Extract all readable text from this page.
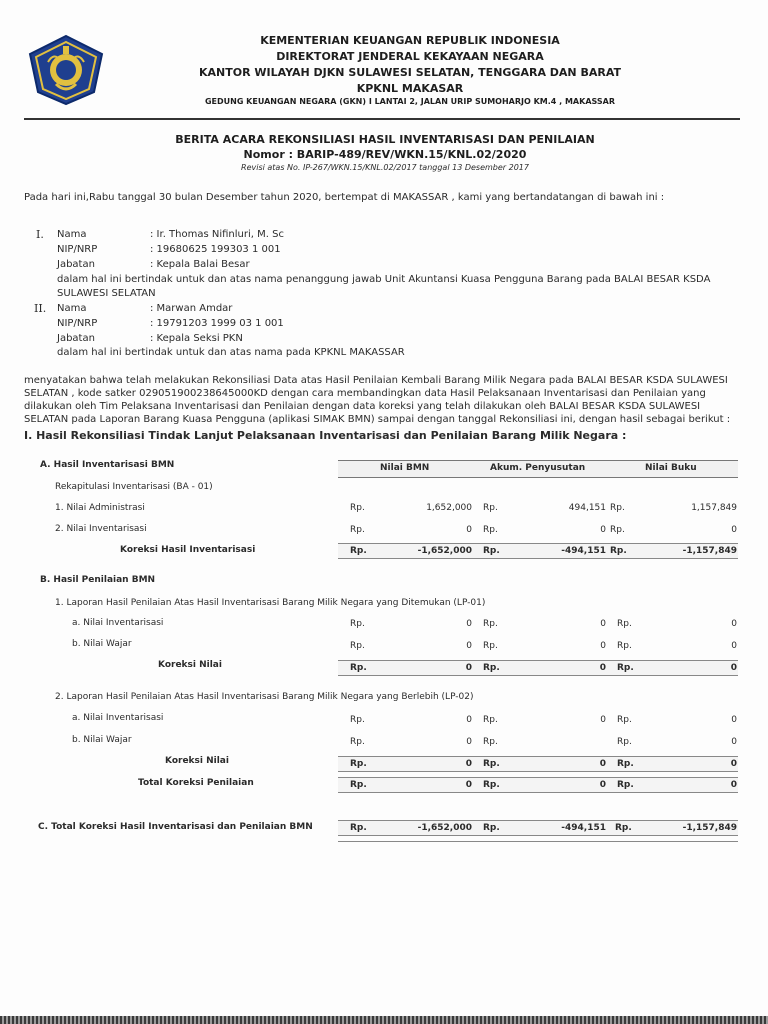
KEMENTERIAN KEUANGAN REPUBLIK INDONESIA
DIREKTORAT JENDERAL KEKAYAAN NEGARA
KANTOR WILAYAH DJKN SULAWESI SELATAN, TENGGARA DAN BARAT
KPKNL MAKASAR
GEDUNG KEUANGAN NEGARA (GKN) I LANTAI 2, JALAN URIP SUMOHARJO KM.4 , MAKASSAR
BERITA ACARA REKONSILIASI HASIL INVENTARISASI DAN PENILAIAN
Nomor : BARIP-489/REV/WKN.15/KNL.02/2020
Revisi atas No. IP-267/WKN.15/KNL.02/2017 tanggal 13 Desember 2017
Pada hari ini,Rabu tanggal 30 bulan Desember tahun 2020, bertempat di MAKASSAR , kami yang bertandatangan di bawah ini :
I. Nama	: Ir. Thomas Nifinluri, M. Sc
NIP/NRP	: 19680625 199303 1 001
Jabatan	: Kepala Balai Besar
dalam hal ini bertindak untuk dan atas nama penanggung jawab Unit Akuntansi Kuasa Pengguna Barang pada BALAI BESAR KSDA
SULAWESI SELATAN
II. Nama	: Marwan Amdar
NIP/NRP	: 19791203 1999 03 1 001
Jabatan	: Kepala Seksi PKN
dalam hal ini bertindak untuk dan atas nama pada KPKNL MAKASSAR
menyatakan bahwa telah melakukan Rekonsiliasi Data atas Hasil Penilaian Kembali Barang Milik Negara pada BALAI BESAR KSDA SULAWESI
SELATAN , kode satker 029051900238645000KD dengan cara membandingkan data Hasil Pelaksanaan Inventarisasi dan Penilaian yang
dilakukan oleh Tim Pelaksana Inventarisasi dan Penilaian dengan data koreksi yang telah dilakukan oleh BALAI BESAR KSDA SULAWESI
SELATAN pada Laporan Barang Kuasa Pengguna (aplikasi SIMAK BMN) sampai dengan tanggal Rekonsiliasi ini, dengan hasil sebagai berikut :
I. Hasil Rekonsiliasi Tindak Lanjut Pelaksanaan Inventarisasi dan Penilaian Barang Milik Negara :
Nilai BMN	Akum. Penyusutan	Nilai Buku
A. Hasil Inventarisasi BMN
Rekapitulasi Inventarisasi (BA - 01)
1. Nilai Administrasi	Rp.	1,652,000 Rp.	494,151 Rp.	1,157,849
2. Nilai Inventarisasi	Rp.	0 Rp.	0 Rp.	0
Koreksi Hasil Inventarisasi	Rp.	-1,652,000 Rp.	-494,151 Rp.	-1,157,849
B. Hasil Penilaian BMN
1. Laporan Hasil Penilaian Atas Hasil Inventarisasi Barang Milik Negara yang Ditemukan (LP-01)
a. Nilai Inventarisasi	Rp.	0 Rp.	0 Rp.	0
b. Nilai Wajar	Rp.	0 Rp.	0 Rp.	0
Koreksi Nilai	Rp.	0 Rp.	0 Rp.	0
2. Laporan Hasil Penilaian Atas Hasil Inventarisasi Barang Milik Negara yang Berlebih (LP-02)
a. Nilai Inventarisasi	Rp.	0 Rp.	0 Rp.	0
b. Nilai Wajar	Rp.	0 Rp.	Rp.	0
Koreksi Nilai	Rp.	0 Rp.	0 Rp.	0
Total Koreksi Penilaian	Rp.	0 Rp.	0 Rp.	0
C. Total Koreksi Hasil Inventarisasi dan Penilaian BMN	Rp.	-1,652,000 Rp.	-494,151 Rp.	-1,157,849
